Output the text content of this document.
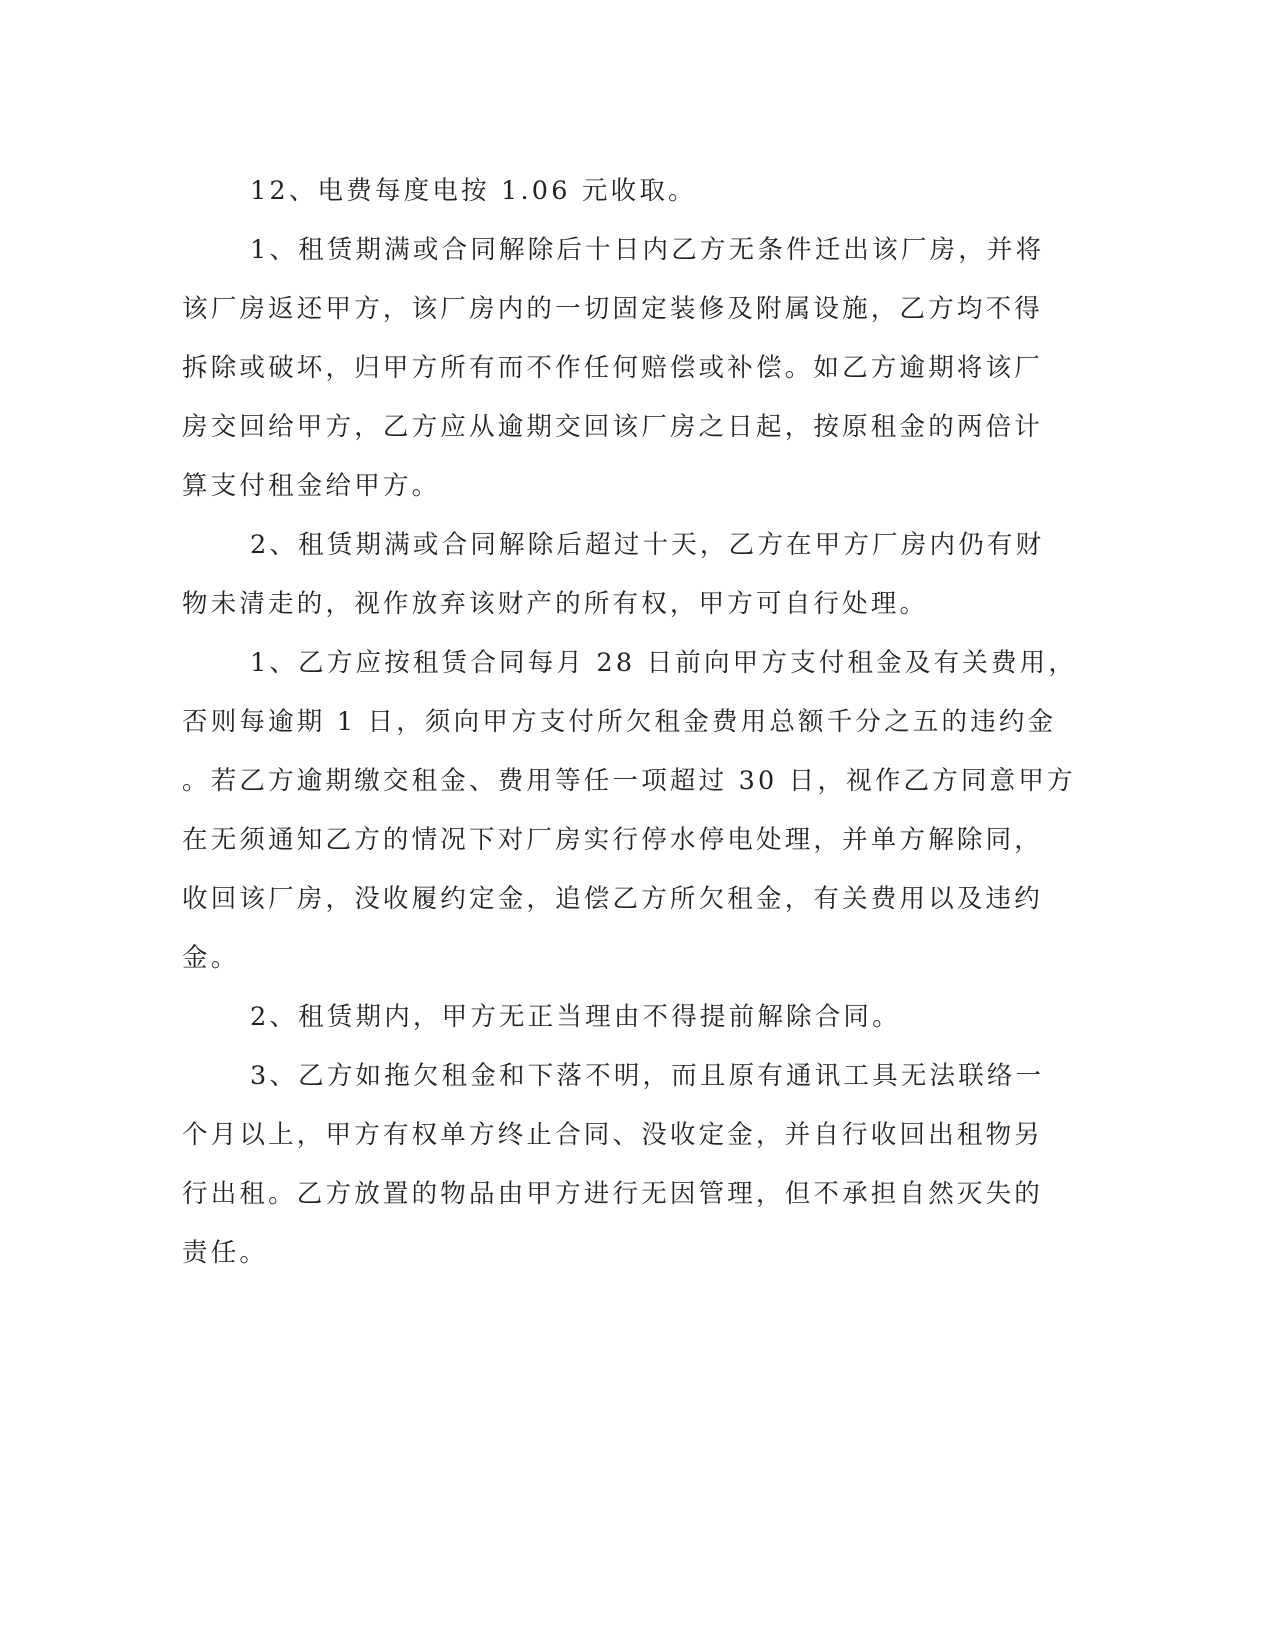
12、电费每度电按 1.06 元收取。
1、租赁期满或合同解除后十日内乙方无条件迁出该厂房，并将
该厂房返还甲方，该厂房内的一切固定装修及附属设施，乙方均不得
拆除或破坏，归甲方所有而不作任何赔偿或补偿。如乙方逾期将该厂
房交回给甲方，乙方应从逾期交回该厂房之日起，按原租金的两倍计
算支付租金给甲方。
2、租赁期满或合同解除后超过十天，乙方在甲方厂房内仍有财
物未清走的，视作放弃该财产的所有权，甲方可自行处理。
1、乙方应按租赁合同每月 28 日前向甲方支付租金及有关费用，
否则每逾期 1 日，须向甲方支付所欠租金费用总额千分之五的违约金
。若乙方逾期缴交租金、费用等任一项超过 30 日，视作乙方同意甲方
在无须通知乙方的情况下对厂房实行停水停电处理，并单方解除同，
收回该厂房，没收履约定金，追偿乙方所欠租金，有关费用以及违约
金。
2、租赁期内，甲方无正当理由不得提前解除合同。
3、乙方如拖欠租金和下落不明，而且原有通讯工具无法联络一
个月以上，甲方有权单方终止合同、没收定金，并自行收回出租物另
行出租。乙方放置的物品由甲方进行无因管理，但不承担自然灭失的
责任。
